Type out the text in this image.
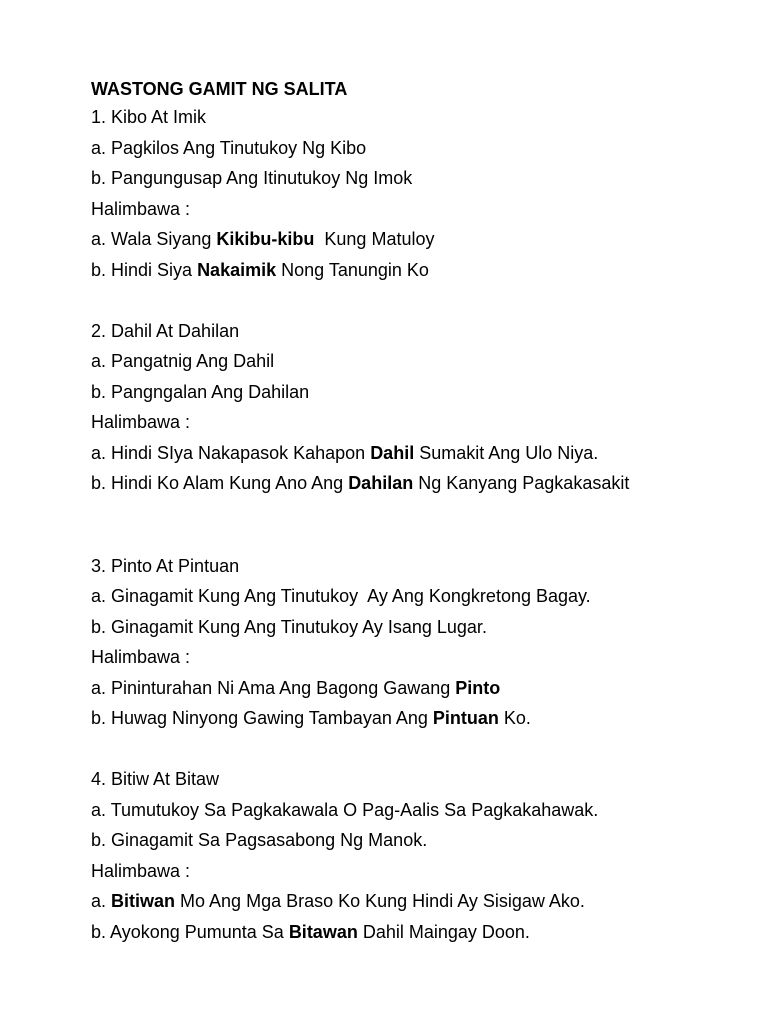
WASTONG GAMIT NG SALITA
1. Kibo At Imik
a. Pagkilos Ang Tinutukoy Ng Kibo
b. Pangungusap Ang Itinutukoy Ng Imok
Halimbawa :
a. Wala Siyang Kikibu-kibu  Kung Matuloy
b. Hindi Siya Nakaimik Nong Tanungin Ko
2. Dahil At Dahilan
a. Pangatnig Ang Dahil
b. Pangngalan Ang Dahilan
Halimbawa :
a. Hindi SIya Nakapasok Kahapon Dahil Sumakit Ang Ulo Niya.
b. Hindi Ko Alam Kung Ano Ang Dahilan Ng Kanyang Pagkakasakit
3. Pinto At Pintuan
a. Ginagamit Kung Ang Tinutukoy  Ay Ang Kongkretong Bagay.
b. Ginagamit Kung Ang Tinutukoy Ay Isang Lugar.
Halimbawa :
a. Pininturahan Ni Ama Ang Bagong Gawang Pinto
b. Huwag Ninyong Gawing Tambayan Ang Pintuan Ko.
4. Bitiw At Bitaw
a. Tumutukoy Sa Pagkakawala O Pag-Aalis Sa Pagkakahawak.
b. Ginagamit Sa Pagsasabong Ng Manok.
Halimbawa :
a. Bitiwan Mo Ang Mga Braso Ko Kung Hindi Ay Sisigaw Ako.
b. Ayokong Pumunta Sa Bitawan Dahil Maingay Doon.
